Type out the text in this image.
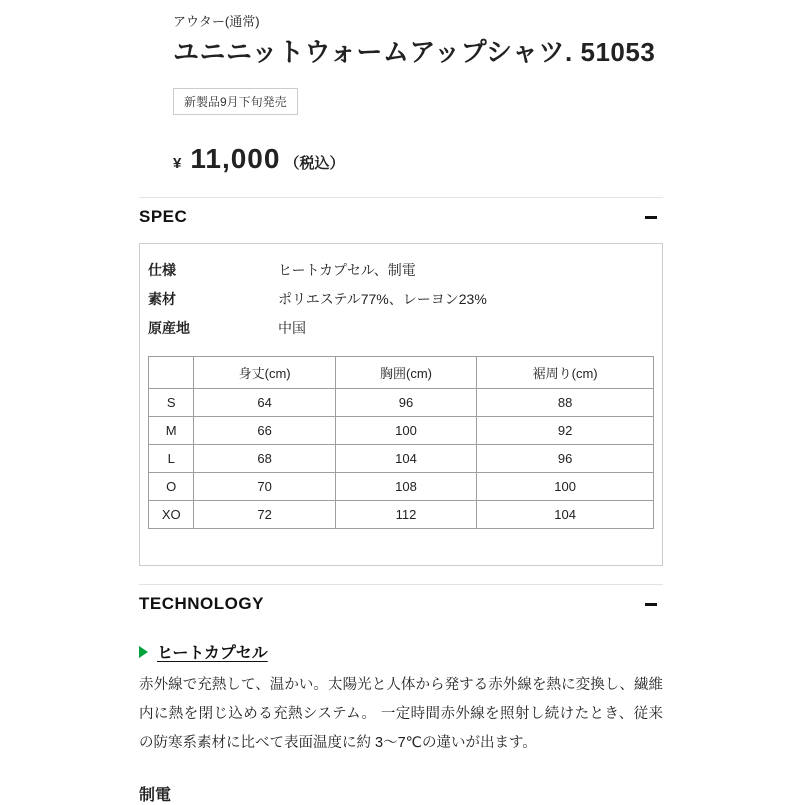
アウター(通常)

ユニニットウォームアップシャツ. 51053
新製品9月下旬発売
¥ 11,000 （税込）
SPEC
仕様	ヒートカプセル、制電
素材	ポリエステル77%、レーヨン23%
原産地	中国
	身丈(cm)	胸囲(cm)	裾周り(cm)
S	64	96	88
M	66	100	92
L	68	104	96
O	70	108	100
XO	72	112	104
TECHNOLOGY
ヒートカプセル

赤外線で充熱して、温かい。太陽光と人体から発する赤外線を熱に変換し、繊維内に熱を閉じ込める充熱システム。 一定時間赤外線を照射し続けたとき、従来の防寒系素材に比べて表面温度に約 3～7℃の違いが出ます。

制電
